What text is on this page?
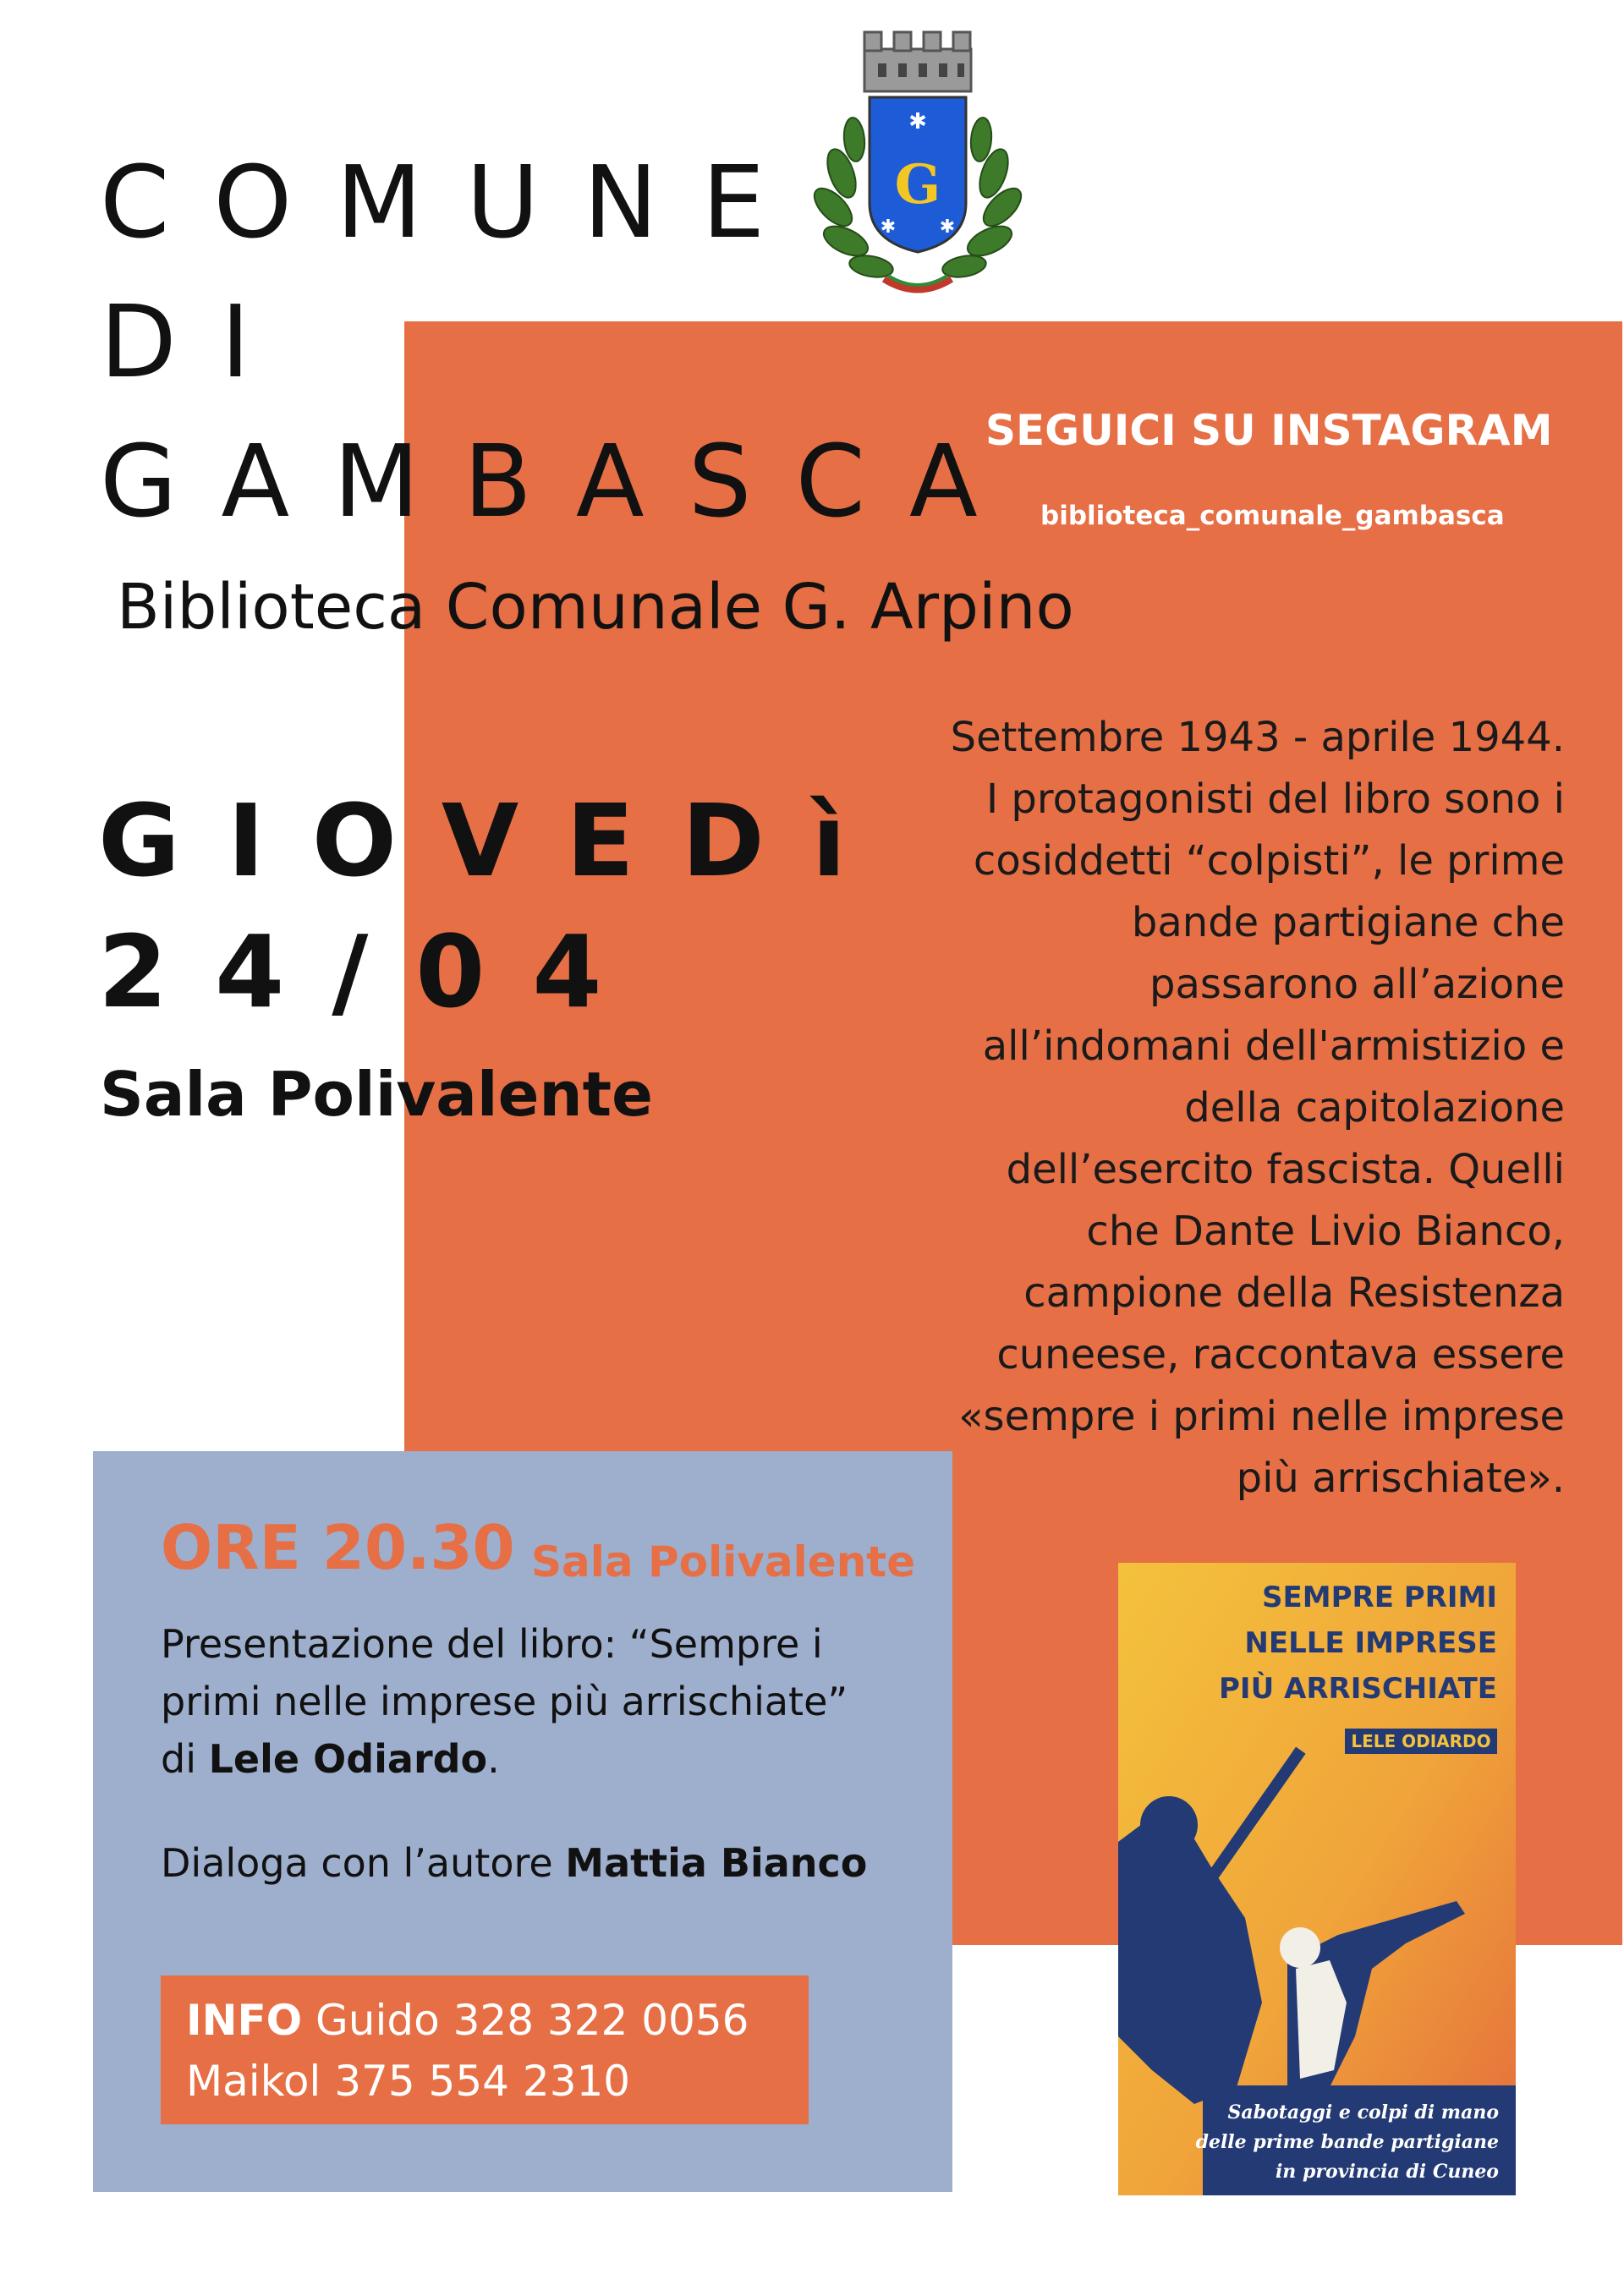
G
✱
✱ ✱
COMUNE
DI
GAMBASCA
Biblioteca Comunale G. Arpino
GIOVEDì
24/04
Sala Polivalente
SEGUICI SU INSTAGRAM
biblioteca_comunale_gambasca
Settembre 1943 - aprile 1944.
I protagonisti del libro sono i
cosiddetti “colpisti”, le prime
bande partigiane che
passarono all’azione
all’indomani dell'armistizio e
della capitolazione
dell’esercito fascista. Quelli
che Dante Livio Bianco,
campione della Resistenza
cuneese, raccontava essere
«sempre i primi nelle imprese
più arrischiate».
ORE 20.30 Sala Polivalente
Presentazione del libro: “Sempre i
primi nelle imprese più arrischiate”
di Lele Odiardo.
Dialoga con l’autore Mattia Bianco
INFO Guido 328 322 0056
Maikol 375 554 2310
SEMPRE PRIMI
NELLE IMPRESE
PIÙ ARRISCHIATE
LELE ODIARDO
Sabotaggi e colpi di mano
delle prime bande partigiane
in provincia di Cuneo
